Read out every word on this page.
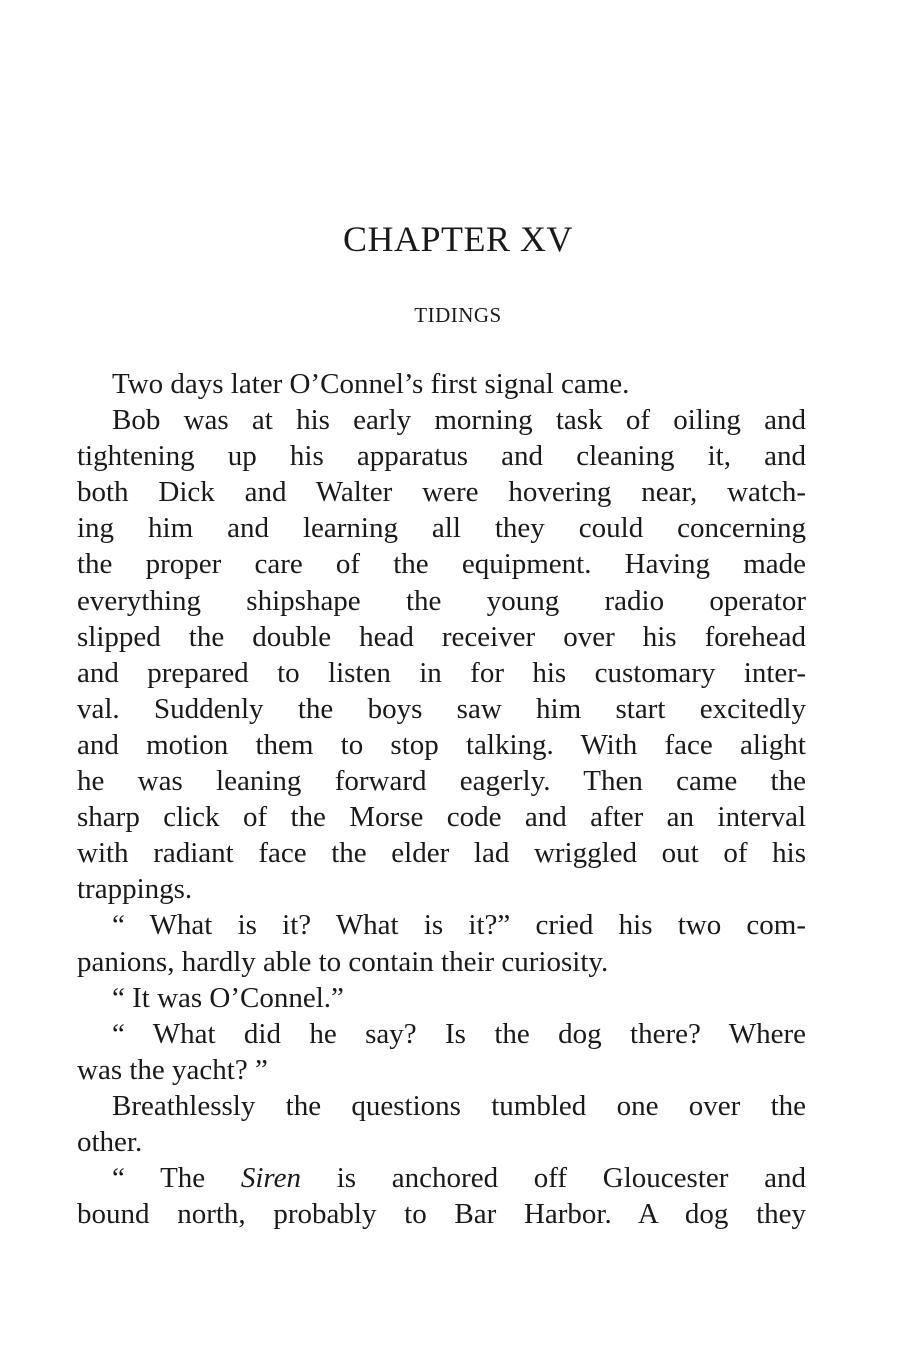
CHAPTER XV
TIDINGS
Two days later O’Connel’s first signal came.
Bob was at his early morning task of oiling and
tightening up his apparatus and cleaning it, and
both Dick and Walter were hovering near, watch-
ing him and learning all they could concerning
the proper care of the equipment. Having made
everything shipshape the young radio operator
slipped the double head receiver over his forehead
and prepared to listen in for his customary inter-
val. Suddenly the boys saw him start excitedly
and motion them to stop talking. With face alight
he was leaning forward eagerly. Then came the
sharp click of the Morse code and after an interval
with radiant face the elder lad wriggled out of his
trappings.
“ What is it? What is it?” cried his two com-
panions, hardly able to contain their curiosity.
“ It was O’Connel.”
“ What did he say? Is the dog there? Where
was the yacht? ”
Breathlessly the questions tumbled one over the
other.
“ The Siren is anchored off Gloucester and
bound north, probably to Bar Harbor. A dog they
